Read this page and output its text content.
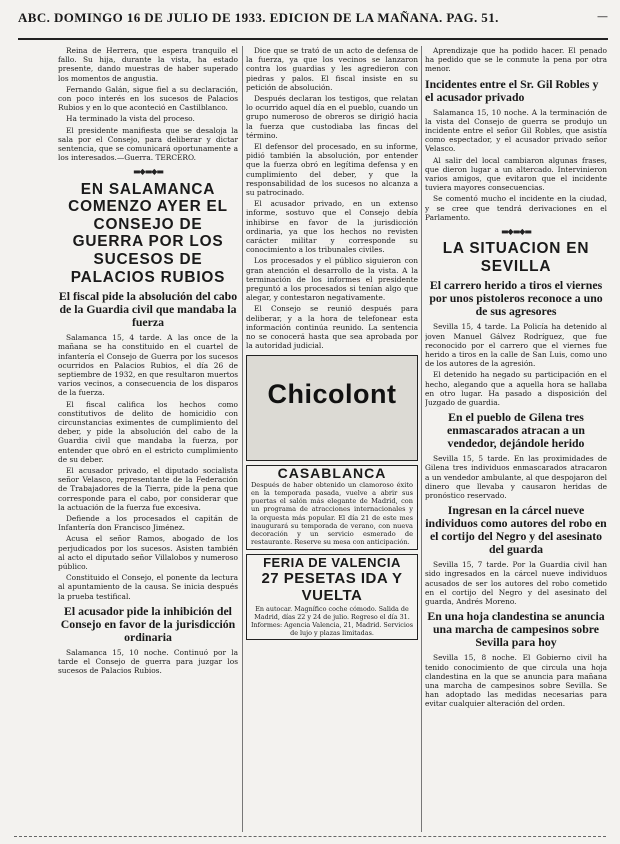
ABC. DOMINGO 16 DE JULIO DE 1933. EDICION DE LA MAÑANA. PAG. 51.	—

Reina de Herrera, que espera tranquilo el fallo. Su hija, durante la vista, ha estado presente, dando muestras de haber superado los momentos de angustia.

Fernando Galán, sigue fiel a su declaración, con poco interés en los sucesos de Palacios Rubios y en lo que aconteció en Castilblanco.

Ha terminado la vista del proceso.

El presidente manifiesta que se desaloja la sala por el Consejo, para deliberar y dictar sentencia, que se comunicará oportunamente a los interesados.—Guerra. TERCERO.

▬◆▬◆▬
EN SALAMANCA COMENZO AYER EL CONSEJO DE GUERRA POR LOS SUCESOS DE PALACIOS RUBIOS
El fiscal pide la absolución del cabo de la Guardia civil que mandaba la fuerza

Salamanca 15, 4 tarde. A las once de la mañana se ha constituido en el cuartel de infantería el Consejo de Guerra por los sucesos ocurridos en Palacios Rubios, el día 26 de septiembre de 1932, en que resultaron muertos varios vecinos, a consecuencia de los disparos de la fuerza.

El fiscal califica los hechos como constitutivos de delito de homicidio con circunstancias eximentes de cumplimiento del deber, y pide la absolución del cabo de la Guardia civil que mandaba la fuerza, por entender que obró en el estricto cumplimiento de su deber.

El acusador privado, el diputado socialista señor Velasco, representante de la Federación de Trabajadores de la Tierra, pide la pena que corresponde para el cabo, por considerar que la actuación de la fuerza fue excesiva.

Defiende a los procesados el capitán de Infantería don Francisco Jiménez.

Acusa el señor Ramos, abogado de los perjudicados por los sucesos. Asisten también al acto el diputado señor Villalobos y numeroso público.

Constituido el Consejo, el ponente da lectura al apuntamiento de la causa. Se inicia después la prueba testifical.

El acusador pide la inhibición del Consejo en favor de la jurisdicción ordinaria

Salamanca 15, 10 noche. Continuó por la tarde el Consejo de guerra para juzgar los sucesos de Palacios Rubios.

Dice que se trató de un acto de defensa de la fuerza, ya que los vecinos se lanzaron contra los guardias y les agredieron con piedras y palos. El fiscal insiste en su petición de absolución.

Después declaran los testigos, que relatan lo ocurrido aquel día en el pueblo, cuando un grupo numeroso de obreros se dirigió hacia la fuerza que custodiaba las fincas del término.

El defensor del procesado, en su informe, pidió también la absolución, por entender que la fuerza obró en legítima defensa y en cumplimiento del deber, y que la responsabilidad de los sucesos no alcanza a su patrocinado.

El acusador privado, en un extenso informe, sostuvo que el Consejo debía inhibirse en favor de la jurisdicción ordinaria, ya que los hechos no revisten carácter militar y corresponde su conocimiento a los tribunales civiles.

Los procesados y el público siguieron con gran atención el desarrollo de la vista. A la terminación de los informes el presidente preguntó a los procesados si tenían algo que alegar, y contestaron negativamente.

El Consejo se reunió después para deliberar, y a la hora de telefonear esta información continúa reunido. La sentencia no se conocerá hasta que sea aprobada por la autoridad judicial.

Chicolont
CASABLANCA
Después de haber obtenido un clamoroso éxito en la temporada pasada, vuelve a abrir sus puertas el salón más elegante de Madrid, con un programa de atracciones internacionales y la orquesta más popular. El día 21 de este mes inaugurará su temporada de verano, con nueva decoración y un servicio esmerado de restaurante. Reserve su mesa con anticipación.
FERIA DE VALENCIA
27 PESETAS IDA Y VUELTA
En autocar. Magnífico coche cómodo. Salida de Madrid, días 22 y 24 de julio. Regreso el día 31. Informes: Agencia Valencia, 21, Madrid. Servicios de lujo y plazas limitadas.

Aprendizaje que ha podido hacer. El penado ha pedido que se le conmute la pena por otra menor.

Incidentes entre el Sr. Gil Robles y el acusador privado

Salamanca 15, 10 noche. A la terminación de la vista del Consejo de guerra se produjo un incidente entre el señor Gil Robles, que asistía como espectador, y el acusador privado señor Velasco.

Al salir del local cambiaron algunas frases, que dieron lugar a un altercado. Intervinieron varios amigos, que evitaron que el incidente tuviera mayores consecuencias.

Se comentó mucho el incidente en la ciudad, y se cree que tendrá derivaciones en el Parlamento.

▬◆▬◆▬
LA SITUACION EN SEVILLA
El carrero herido a tiros el viernes por unos pistoleros reconoce a uno de sus agresores

Sevilla 15, 4 tarde. La Policía ha detenido al joven Manuel Gálvez Rodríguez, que fue reconocido por el carrero que el viernes fue herido a tiros en la calle de San Luis, como uno de los autores de la agresión.

El detenido ha negado su participación en el hecho, alegando que a aquella hora se hallaba en otro lugar. Ha pasado a disposición del Juzgado de guardia.

En el pueblo de Gilena tres enmascarados atracan a un vendedor, dejándole herido

Sevilla 15, 5 tarde. En las proximidades de Gilena tres individuos enmascarados atracaron a un vendedor ambulante, al que despojaron del dinero que llevaba y causaron heridas de pronóstico reservado.

Ingresan en la cárcel nueve individuos como autores del robo en el cortijo del Negro y del asesinato del guarda

Sevilla 15, 7 tarde. Por la Guardia civil han sido ingresados en la cárcel nueve individuos acusados de ser los autores del robo cometido en el cortijo del Negro y del asesinato del guarda, Andrés Moreno.

En una hoja clandestina se anuncia una marcha de campesinos sobre Sevilla para hoy

Sevilla 15, 8 noche. El Gobierno civil ha tenido conocimiento de que circula una hoja clandestina en la que se anuncia para mañana una marcha de campesinos sobre Sevilla. Se han adoptado las medidas necesarias para evitar cualquier alteración del orden.
